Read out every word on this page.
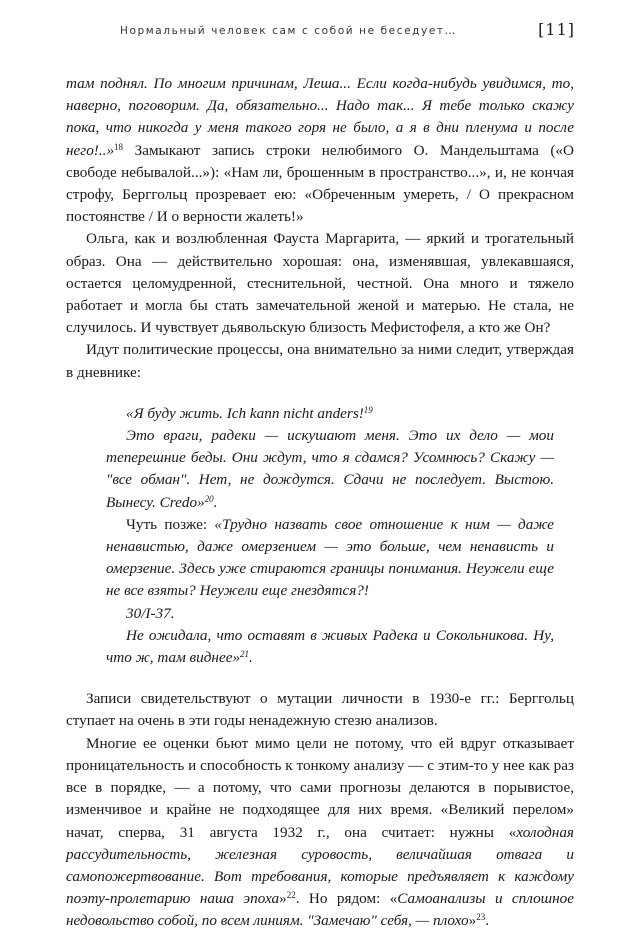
Нормальный человек сам с собой не беседует…	[11]

там поднял. По многим причинам, Леша... Если когда-нибудь увидимся, то, наверно, поговорим. Да, обязательно... Надо так... Я тебе только скажу пока, что никогда у меня такого горя не было, а я в дни пленума и после него!..»$^{18}$ Замыкают запись строки нелюбимого О. Мандельштама («О свободе небывалой...»): «Нам ли, брошенным в пространство...», и, не кончая строфу, Берггольц прозревает ею: «Обреченным умереть, / О прекрасном постоянстве / И о верности жалеть!»

Ольга, как и возлюбленная Фауста Маргарита, — яркий и трогательный образ. Она — действительно хорошая: она, изменявшая, увлекавшаяся, остается целомудренной, стеснительной, честной. Она много и тяжело работает и могла бы стать замечательной женой и матерью. Не стала, не случилось. И чувствует дьявольскую близость Мефистофеля, а кто же Он?

Идут политические процессы, она внимательно за ними следит, утверждая в дневнике:

«Я буду жить. Ich kann nicht anders!$^{19}$

Это враги, радеки — искушают меня. Это их дело — мои теперешние беды. Они ждут, что я сдамся? Усомнюсь? Скажу — "все обман". Нет, не дождутся. Сдачи не последует. Выстою. Вынесу. Credo»$^{20}$.

Чуть позже: «Трудно назвать свое отношение к ним — даже ненавистью, даже омерзением — это больше, чем ненависть и омерзение. Здесь уже стираются границы понимания. Неужели еще не все взяты? Неужели еще гнездятся?!

30/I-37.

Не ожидала, что оставят в живых Радека и Сокольникова. Ну, что ж, там виднее»$^{21}$.

Записи свидетельствуют о мутации личности в 1930-е гг.: Берггольц ступает на очень в эти годы ненадежную стезю анализов.

Многие ее оценки бьют мимо цели не потому, что ей вдруг отказывает проницательность и способность к тонкому анализу — с этим-то у нее как раз все в порядке, — а потому, что сами прогнозы делаются в порывистое, изменчивое и крайне не подходящее для них время. «Великий перелом» начат, сперва, 31 августа 1932 г., она считает: нужны «холодная рассудительность, железная суровость, величайшая отвага и самопожертвование. Вот требования, которые предъявляет к каждому поэту-пролетарию наша эпоха»$^{22}$. Но рядом: «Самоанализы и сплошное недовольство собой, по всем линиям. "Замечаю" себя, — плохо»$^{23}$.
